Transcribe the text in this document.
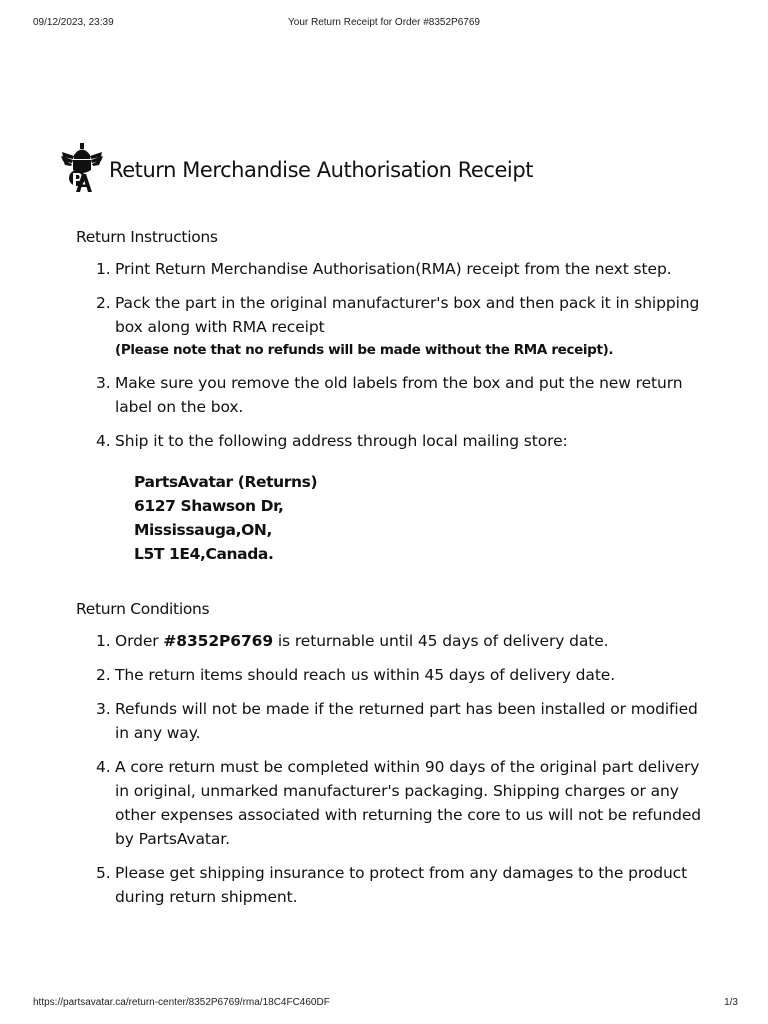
09/12/2023, 23:39	Your Return Receipt for Order #8352P6769
Return Merchandise Authorisation Receipt
Return Instructions
1. Print Return Merchandise Authorisation(RMA) receipt from the next step.
2. Pack the part in the original manufacturer's box and then pack it in shipping box along with RMA receipt
(Please note that no refunds will be made without the RMA receipt).
3. Make sure you remove the old labels from the box and put the new return label on the box.
4. Ship it to the following address through local mailing store:
PartsAvatar (Returns)
6127 Shawson Dr,
Mississauga,ON,
L5T 1E4,Canada.
Return Conditions
1. Order #8352P6769 is returnable until 45 days of delivery date.
2. The return items should reach us within 45 days of delivery date.
3. Refunds will not be made if the returned part has been installed or modified in any way.
4. A core return must be completed within 90 days of the original part delivery in original, unmarked manufacturer's packaging. Shipping charges or any other expenses associated with returning the core to us will not be refunded by PartsAvatar.
5. Please get shipping insurance to protect from any damages to the product during return shipment.
https://partsavatar.ca/return-center/8352P6769/rma/18C4FC460DF	1/3
